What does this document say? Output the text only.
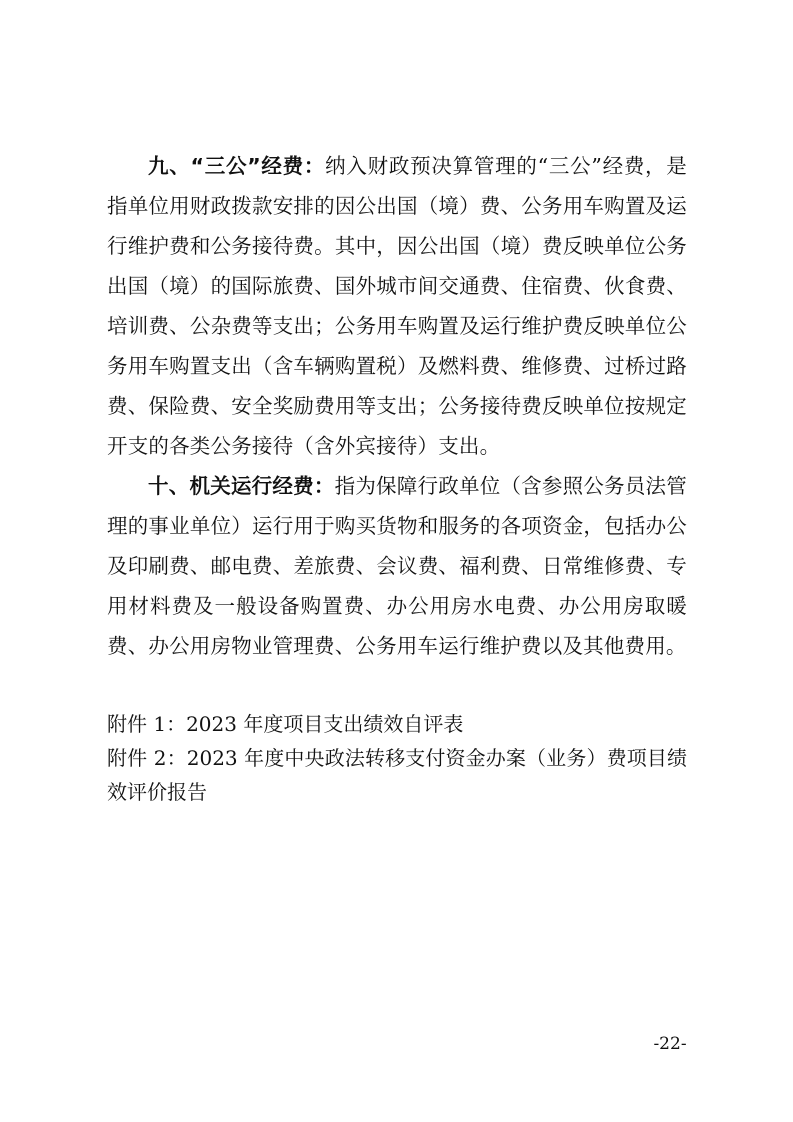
九、“三公”经费：纳入财政预决算管理的“三公”经费，是指单位用财政拨款安排的因公出国（境）费、公务用车购置及运行维护费和公务接待费。其中，因公出国（境）费反映单位公务出国（境）的国际旅费、国外城市间交通费、住宿费、伙食费、培训费、公杂费等支出；公务用车购置及运行维护费反映单位公务用车购置支出（含车辆购置税）及燃料费、维修费、过桥过路费、保险费、安全奖励费用等支出；公务接待费反映单位按规定开支的各类公务接待（含外宾接待）支出。

十、机关运行经费：指为保障行政单位（含参照公务员法管理的事业单位）运行用于购买货物和服务的各项资金，包括办公及印刷费、邮电费、差旅费、会议费、福利费、日常维修费、专用材料费及一般设备购置费、办公用房水电费、办公用房取暖费、办公用房物业管理费、公务用车运行维护费以及其他费用。

附件 1：2023 年度项目支出绩效自评表

附件 2：2023 年度中央政法转移支付资金办案（业务）费项目绩效评价报告

-22-
